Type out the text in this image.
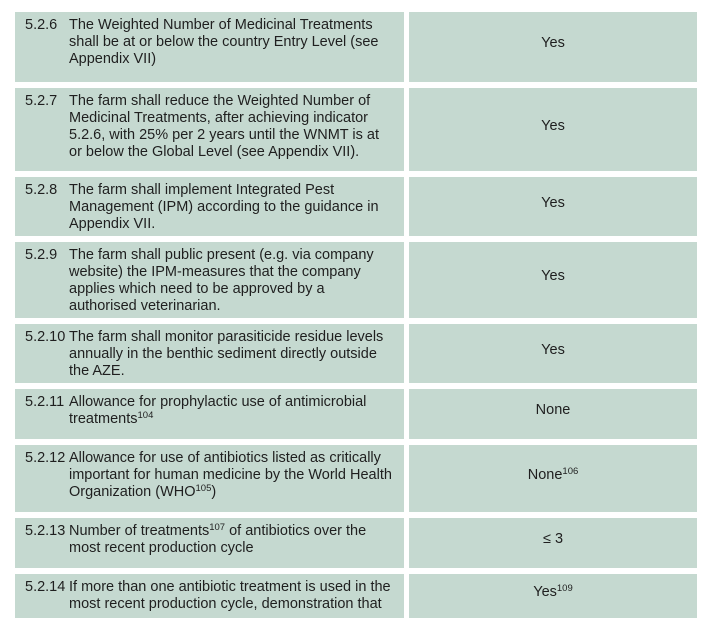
5.2.6 The Weighted Number of Medicinal Treatments
shall be at or below the country Entry Level (see
Appendix VII)
Yes
5.2.7 The farm shall reduce the Weighted Number of
Medicinal Treatments, after achieving indicator
5.2.6, with 25% per 2 years until the WNMT is at
or below the Global Level (see Appendix VII).
Yes
5.2.8 The farm shall implement Integrated Pest
Management (IPM) according to the guidance in
Appendix VII.
Yes
5.2.9 The farm shall public present (e.g. via company
website) the IPM-measures that the company
applies which need to be approved by a
authorised veterinarian.
Yes
5.2.10 The farm shall monitor parasiticide residue levels
annually in the benthic sediment directly outside
the AZE.
Yes
5.2.11 Allowance for prophylactic use of antimicrobial
treatments$^{104}$	None
5.2.12 Allowance for use of antibiotics listed as critically
important for human medicine by the World Health
Organization (WHO$^{105}$)
None$^{106}$
5.2.13 Number of treatments$^{107}$ of antibiotics over the
most recent production cycle
≤ 3
5.2.14 If more than one antibiotic treatment is used in the
most recent production cycle, demonstration that
Yes$^{109}$
